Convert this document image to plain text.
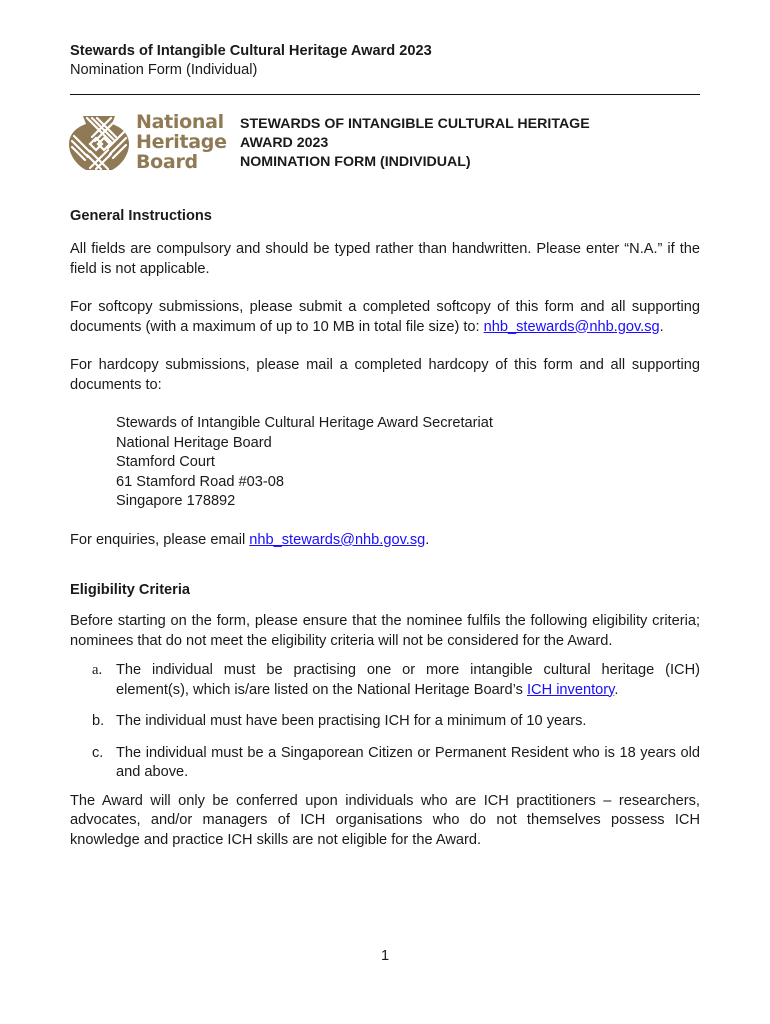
Stewards of Intangible Cultural Heritage Award 2023
Nomination Form (Individual)
National
Heritage
Board
STEWARDS OF INTANGIBLE CULTURAL HERITAGE
AWARD 2023
NOMINATION FORM (INDIVIDUAL)
General Instructions

All fields are compulsory and should be typed rather than handwritten. Please enter “N.A.” if the field is not applicable.

For softcopy submissions, please submit a completed softcopy of this form and all supporting documents (with a maximum of up to 10 MB in total file size) to: nhb_stewards@nhb.gov.sg.

For hardcopy submissions, please mail a completed hardcopy of this form and all supporting documents to:

Stewards of Intangible Cultural Heritage Award Secretariat
National Heritage Board
Stamford Court
61 Stamford Road #03-08
Singapore 178892

For enquiries, please email nhb_stewards@nhb.gov.sg.

Eligibility Criteria

Before starting on the form, please ensure that the nominee fulfils the following eligibility criteria; nominees that do not meet the eligibility criteria will not be considered for the Award.

a. The individual must be practising one or more intangible cultural heritage (ICH) element(s), which is/are listed on the National Heritage Board’s ICH inventory.
b. The individual must have been practising ICH for a minimum of 10 years.
c. The individual must be a Singaporean Citizen or Permanent Resident who is 18 years old and above.

The Award will only be conferred upon individuals who are ICH practitioners – researchers, advocates, and/or managers of ICH organisations who do not themselves possess ICH knowledge and practice ICH skills are not eligible for the Award.

1
